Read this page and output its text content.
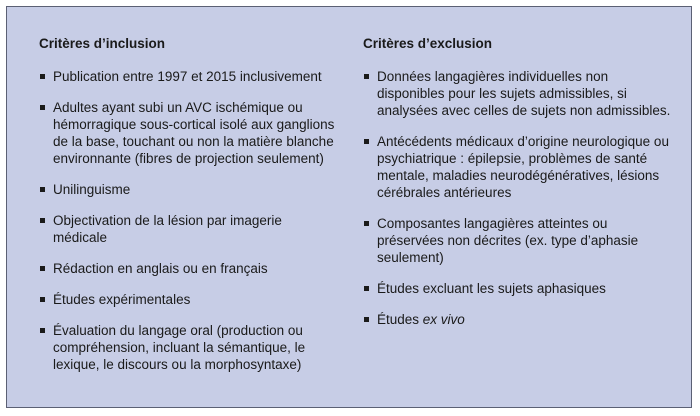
Critères d’inclusion
Publication entre 1997 et 2015 inclusivement
Adultes ayant subi un AVC ischémique ou hémorragique sous-cortical isolé aux ganglions de la base, touchant ou non la matière blanche environnante (fibres de projection seulement)
Unilinguisme
Objectivation de la lésion par imagerie médicale
Rédaction en anglais ou en français
Études expérimentales
Évaluation du langage oral (production ou compréhension, incluant la sémantique, le lexique, le discours ou la morphosyntaxe)
Critères d’exclusion
Données langagières individuelles non disponibles pour les sujets admissibles, si analysées avec celles de sujets non admissibles.
Antécédents médicaux d’origine neurologique ou psychiatrique : épilepsie, problèmes de santé mentale, maladies neurodégénératives, lésions cérébrales antérieures
Composantes langagières atteintes ou préservées non décrites (ex. type d’aphasie seulement)
Études excluant les sujets aphasiques
Études ex vivo
